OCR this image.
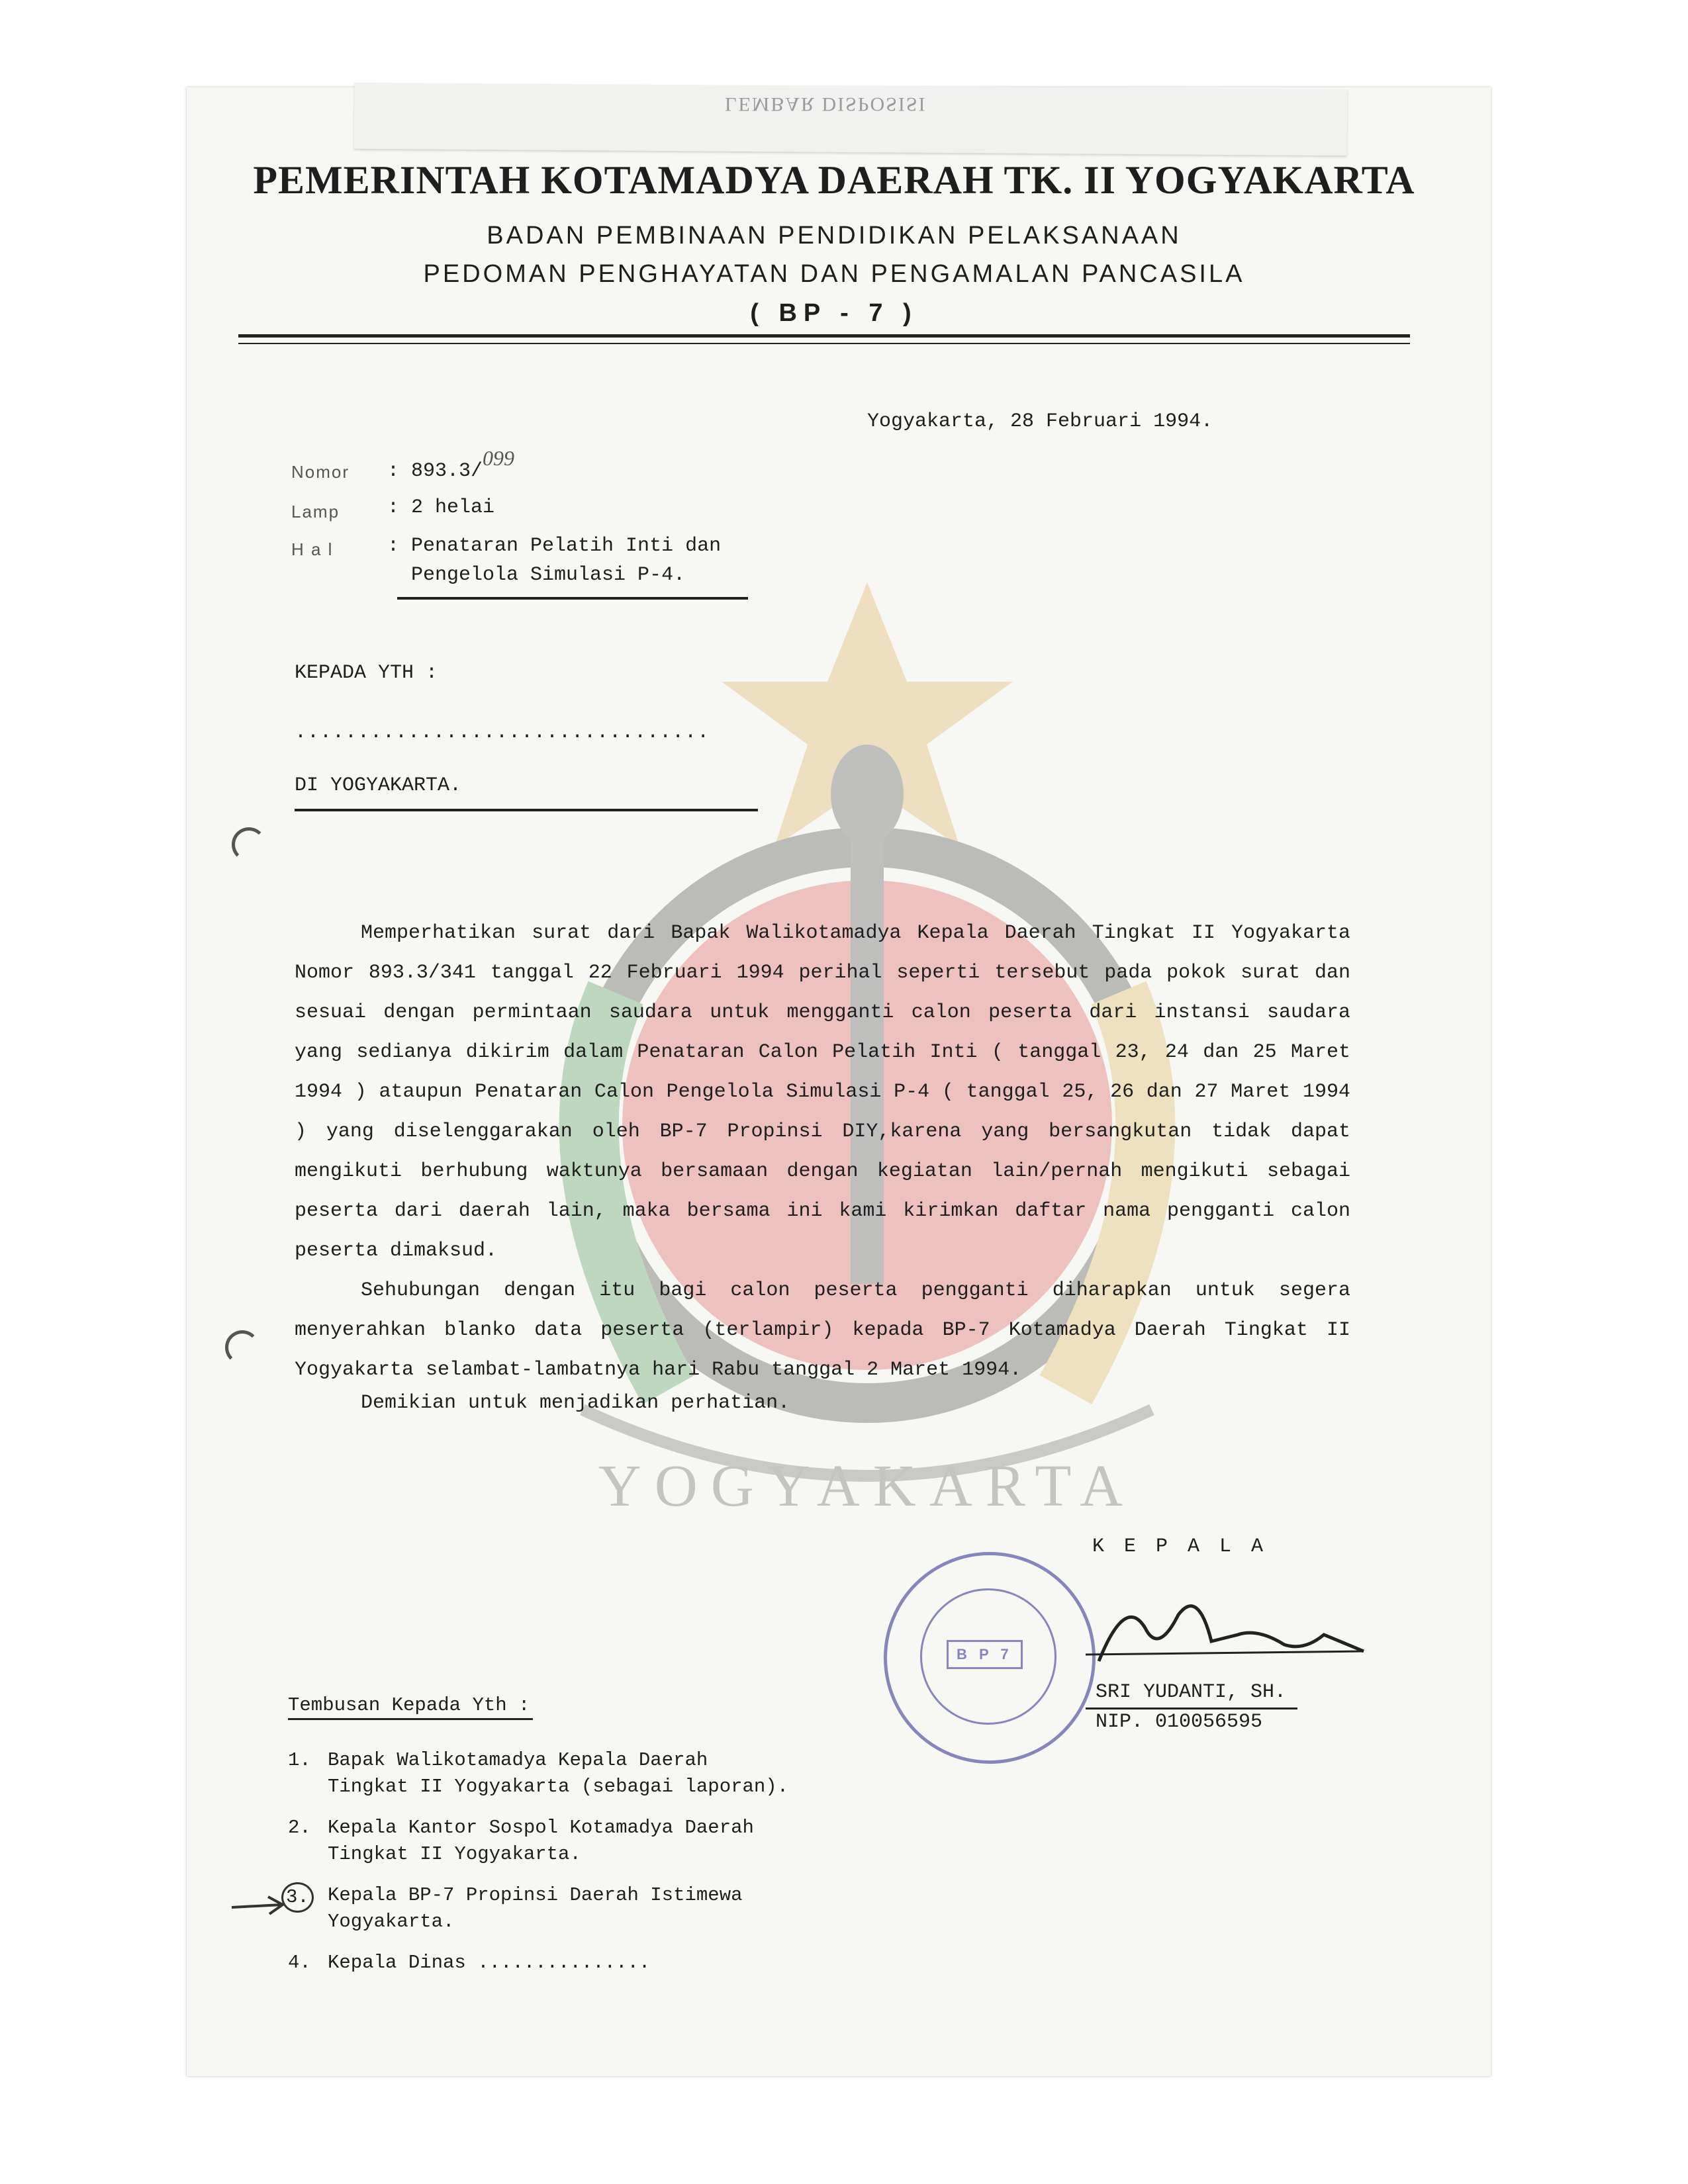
LEMBAR DISPOSISI
YOGYAKARTA
PEMERINTAH KOTAMADYA DAERAH TK. II YOGYAKARTA
BADAN PEMBINAAN PENDIDIKAN PELAKSANAAN
PEDOMAN PENGHAYATAN DAN PENGAMALAN PANCASILA
( BP - 7 )
Yogyakarta, 28 Februari 1994.
Nomor : 893.3/099
Lamp : 2 helai
H a l	: Penataran Pelatih Inti dan
Pengelola Simulasi P-4.
KEPADA YTH :
.................................
DI YOGYAKARTA.
Memperhatikan surat dari Bapak Walikotamadya Kepala Daerah Tingkat II Yogyakarta Nomor 893.3/341 tanggal 22 Februari 1994 perihal seperti tersebut pada pokok surat dan sesuai dengan permintaan saudara untuk mengganti calon peserta dari instansi saudara yang sedianya dikirim dalam Penataran Calon Pelatih Inti ( tanggal 23, 24 dan 25 Maret 1994 ) ataupun Penataran Calon Pengelola Simulasi P-4 ( tanggal 25, 26 dan 27 Maret 1994 ) yang diselenggarakan oleh BP-7 Propinsi DIY,karena yang bersangkutan tidak dapat mengikuti berhubung waktunya bersamaan dengan kegiatan lain/pernah mengikuti sebagai peserta dari daerah lain, maka bersama ini kami kirimkan daftar nama pengganti calon peserta dimaksud.
Sehubungan dengan itu bagi calon peserta pengganti diharapkan untuk segera menyerahkan blanko data peserta (terlampir) kepada BP-7 Kotamadya Daerah Tingkat II Yogyakarta selambat-lambatnya hari Rabu tanggal 2 Maret 1994.
Demikian untuk menjadikan perhatian.
K E P A L A
B P 7
SRI YUDANTI, SH.
NIP. 010056595
Tembusan Kepada Yth :
1. Bapak Walikotamadya Kepala Daerah
Tingkat II Yogyakarta (sebagai laporan).
2. Kepala Kantor Sospol Kotamadya Daerah
Tingkat II Yogyakarta.
3. Kepala BP-7 Propinsi Daerah Istimewa
Yogyakarta.
4. Kepala Dinas ...............
